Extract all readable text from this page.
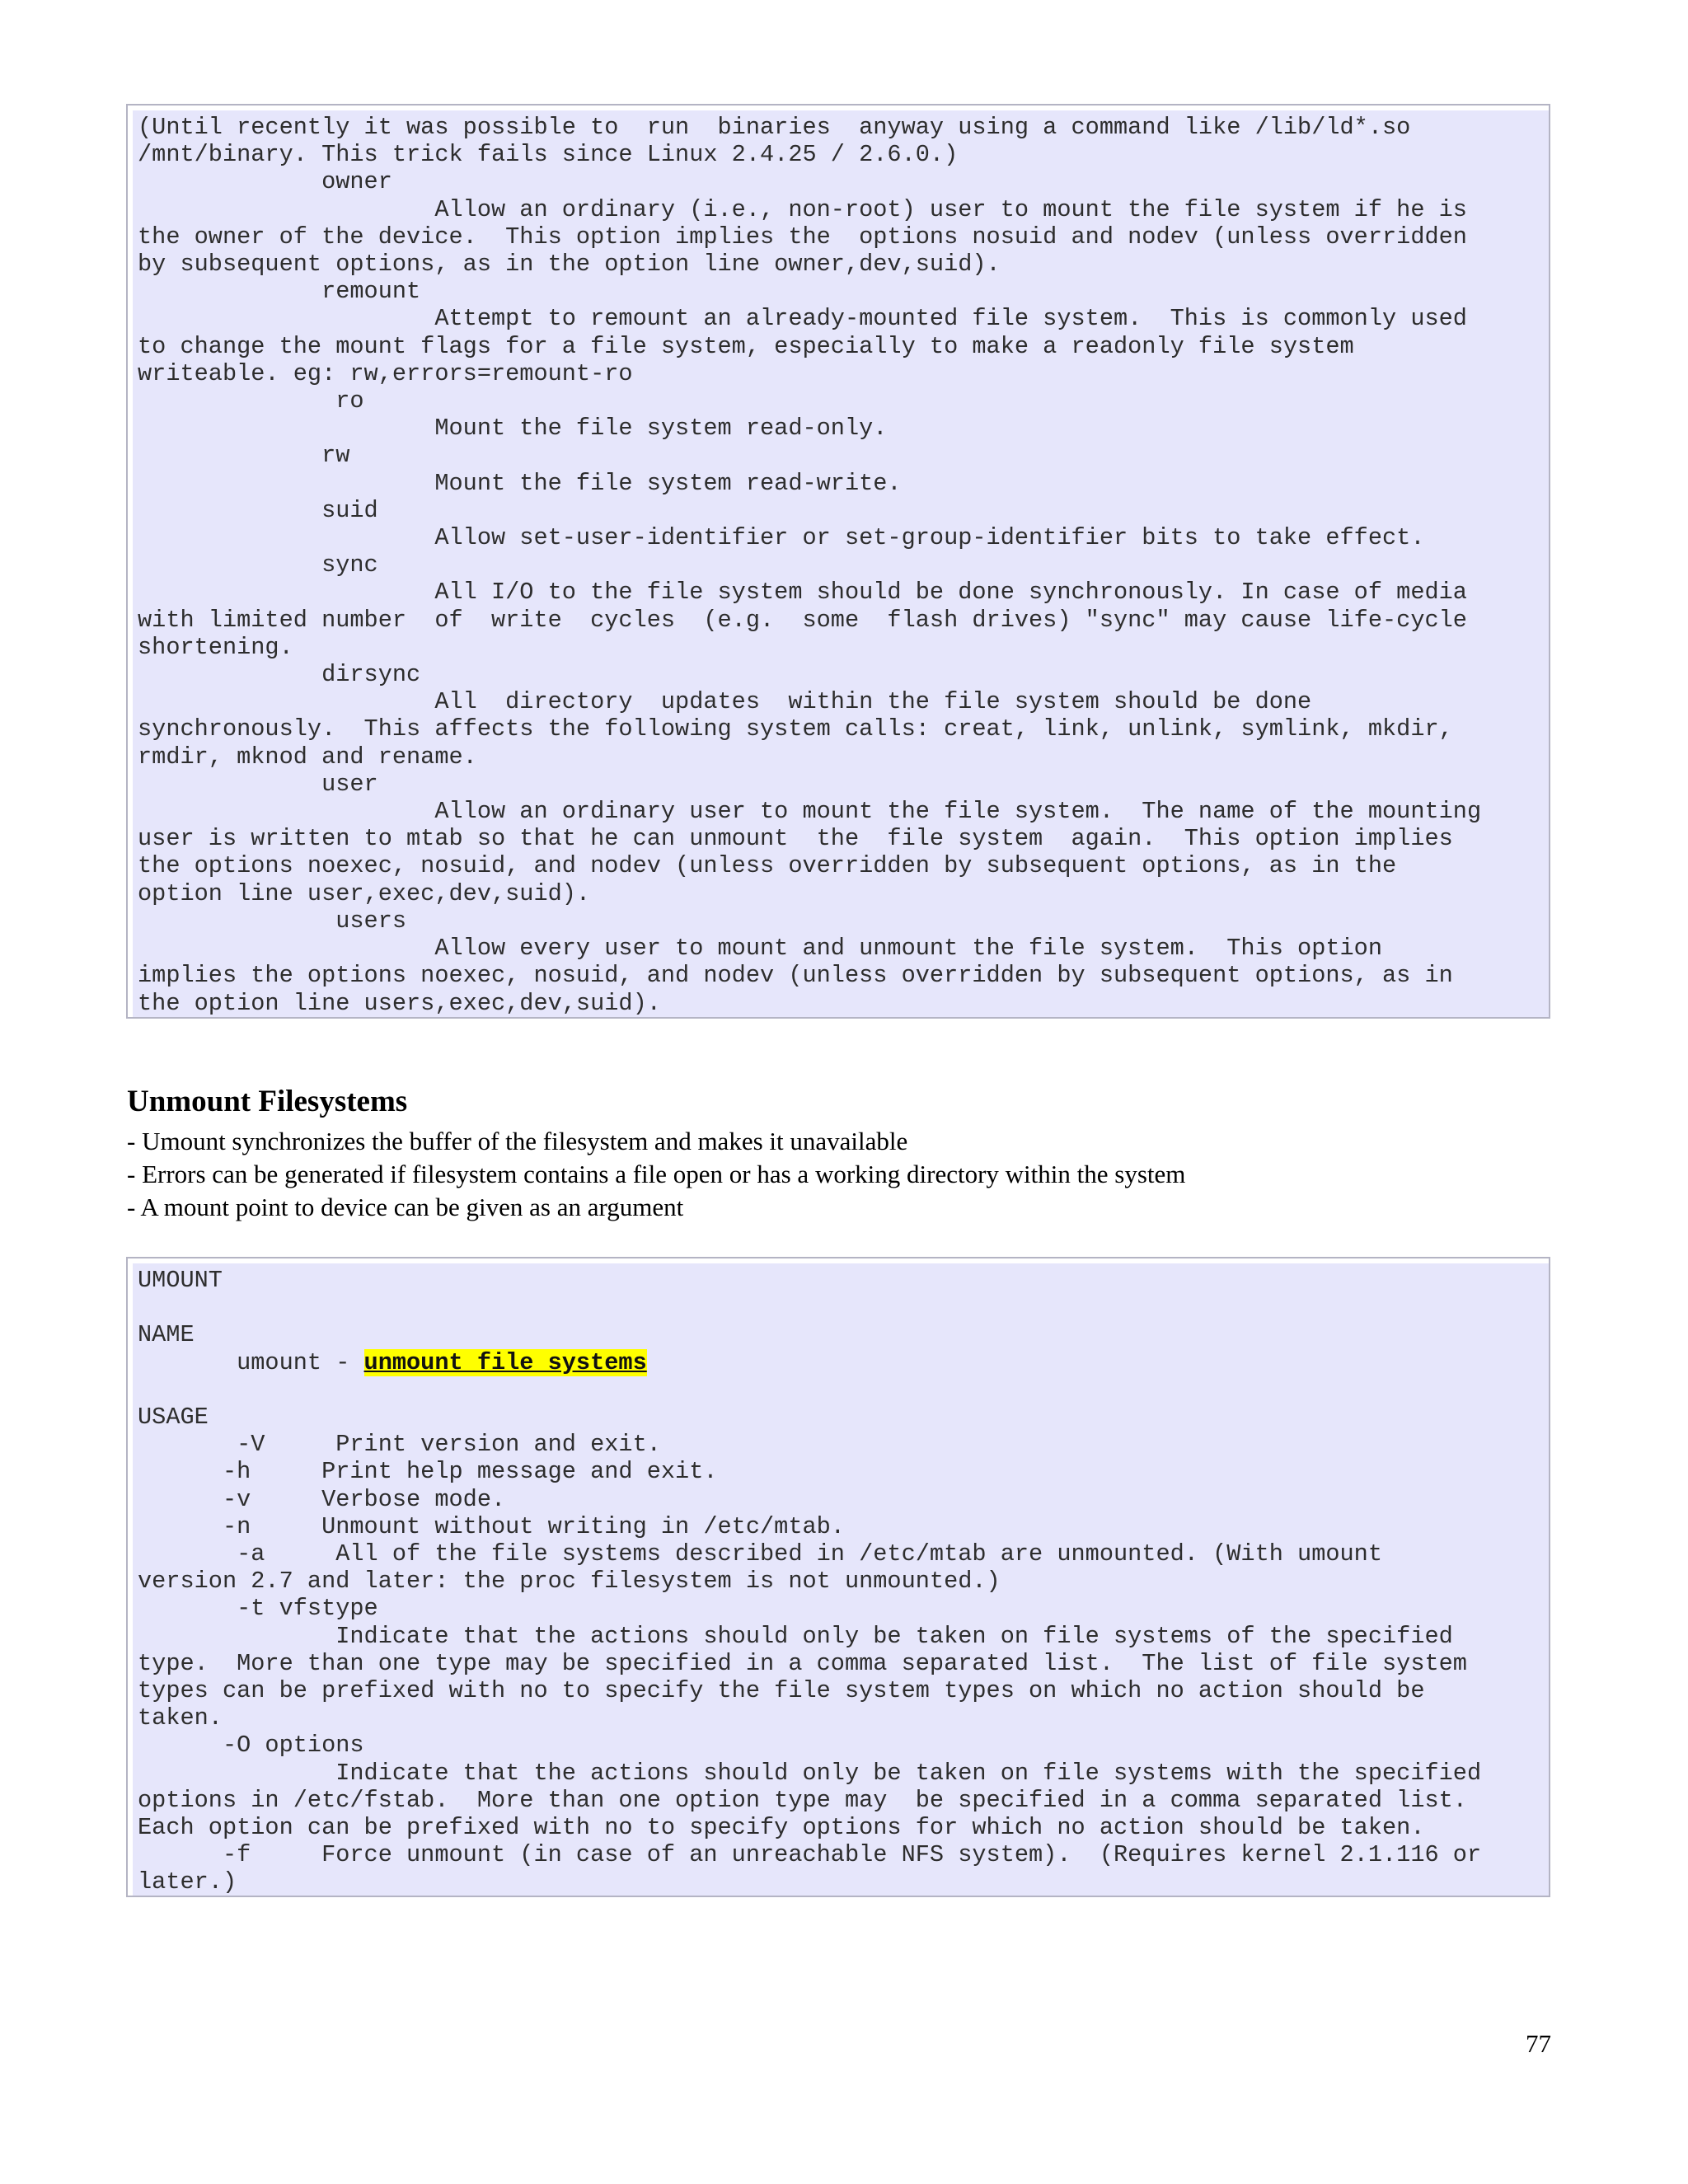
(Until recently it was possible to  run  binaries  anyway using a command like /lib/ld*.so
/mnt/binary. This trick fails since Linux 2.4.25 / 2.6.0.)
owner
Allow an ordinary (i.e., non-root) user to mount the file system if he is
the owner of the device.  This option implies the  options nosuid and nodev (unless overridden
by subsequent options, as in the option line owner,dev,suid).
remount
Attempt to remount an already-mounted file system.  This is commonly used
to change the mount flags for a file system, especially to make a readonly file system
writeable. eg: rw,errors=remount-ro
ro
Mount the file system read-only.
rw
Mount the file system read-write.
suid
Allow set-user-identifier or set-group-identifier bits to take effect.
sync
All I/O to the file system should be done synchronously. In case of media
with limited number  of  write  cycles  (e.g.  some  flash drives) "sync" may cause life-cycle
shortening.
dirsync
All  directory  updates  within the file system should be done
synchronously.  This affects the following system calls: creat, link, unlink, symlink, mkdir,
rmdir, mknod and rename.
user
Allow an ordinary user to mount the file system.  The name of the mounting
user is written to mtab so that he can unmount  the  file system  again.  This option implies
the options noexec, nosuid, and nodev (unless overridden by subsequent options, as in the
option line user,exec,dev,suid).
users
Allow every user to mount and unmount the file system.  This option
implies the options noexec, nosuid, and nodev (unless overridden by subsequent options, as in
the option line users,exec,dev,suid).
Unmount Filesystems
- Umount synchronizes the buffer of the filesystem and makes it unavailable
- Errors can be generated if filesystem contains a file open or has a working directory within the system
- A mount point to device can be given as an argument
UMOUNT

NAME
umount - unmount file systems

USAGE
-V     Print version and exit.
-h     Print help message and exit.
-v     Verbose mode.
-n     Unmount without writing in /etc/mtab.
-a     All of the file systems described in /etc/mtab are unmounted. (With umount
version 2.7 and later: the proc filesystem is not unmounted.)
-t vfstype
Indicate that the actions should only be taken on file systems of the specified
type.  More than one type may be specified in a comma separated list.  The list of file system
types can be prefixed with no to specify the file system types on which no action should be
taken.
-O options
Indicate that the actions should only be taken on file systems with the specified
options in /etc/fstab.  More than one option type may  be specified in a comma separated list.
Each option can be prefixed with no to specify options for which no action should be taken.
-f     Force unmount (in case of an unreachable NFS system).  (Requires kernel 2.1.116 or
later.)
77
